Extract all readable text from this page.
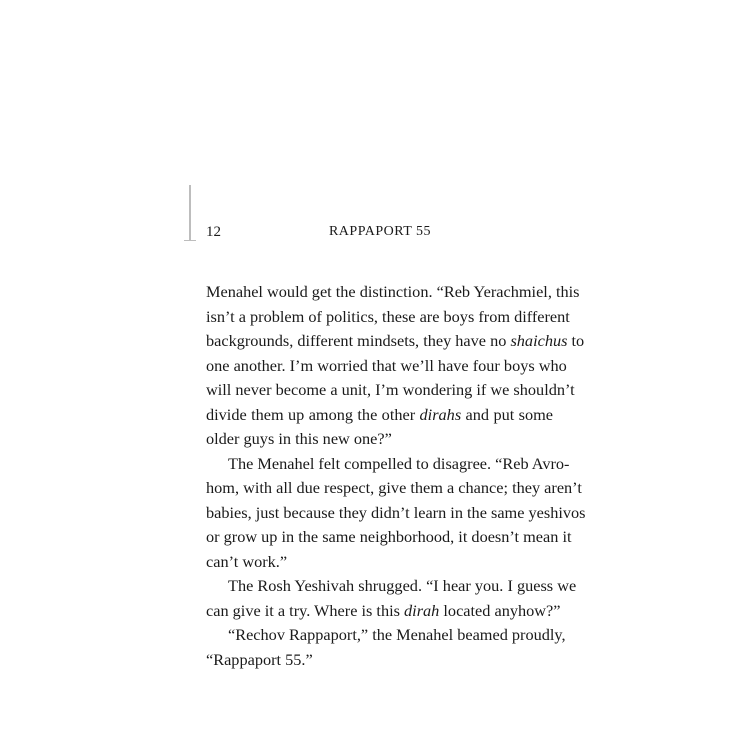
12	RAPPAPORT 55
Menahel would get the distinction. “Reb Yerachmiel, this
isn’t a problem of politics, these are boys from different
backgrounds, different mindsets, they have no shaichus to
one another. I’m worried that we’ll have four boys who
will never become a unit, I’m wondering if we shouldn’t
divide them up among the other dirahs and put some
older guys in this new one?”
The Menahel felt compelled to disagree. “Reb Avro-
hom, with all due respect, give them a chance; they aren’t
babies, just because they didn’t learn in the same yeshivos
or grow up in the same neighborhood, it doesn’t mean it
can’t work.”
The Rosh Yeshivah shrugged. “I hear you. I guess we
can give it a try. Where is this dirah located anyhow?”
“Rechov Rappaport,” the Menahel beamed proudly,
“Rappaport 55.”
